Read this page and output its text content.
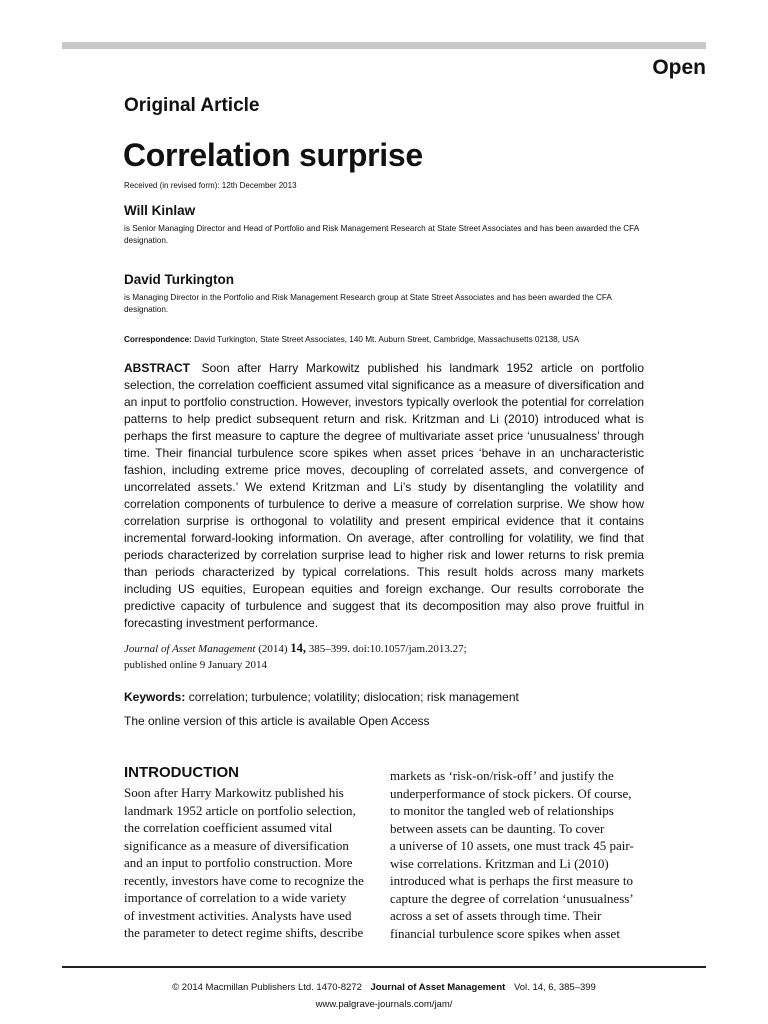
Open
Original Article
Correlation surprise
Received (in revised form): 12th December 2013
Will Kinlaw
is Senior Managing Director and Head of Portfolio and Risk Management Research at State Street Associates and has been awarded the CFA designation.
David Turkington
is Managing Director in the Portfolio and Risk Management Research group at State Street Associates and has been awarded the CFA designation.
Correspondence: David Turkington, State Street Associates, 140 Mt. Auburn Street, Cambridge, Massachusetts 02138, USA

ABSTRACT Soon after Harry Markowitz published his landmark 1952 article on portfolio selection, the correlation coefficient assumed vital significance as a measure of diversification and an input to portfolio construction. However, investors typically overlook the potential for correlation patterns to help predict subsequent return and risk. Kritzman and Li (2010) introduced what is perhaps the first measure to capture the degree of multivariate asset price ‘unusualness’ through time. Their financial turbulence score spikes when asset prices ‘behave in an uncharacteristic fashion, including extreme price moves, decoupling of correlated assets, and convergence of uncorrelated assets.’ We extend Kritzman and Li’s study by disentangling the volatility and correlation components of turbulence to derive a measure of correlation surprise. We show how correlation surprise is orthogonal to volatility and present empirical evidence that it contains incremental forward-looking information. On average, after controlling for volatility, we find that periods characterized by correlation surprise lead to higher risk and lower returns to risk premia than periods characterized by typical correlations. This result holds across many markets including US equities, European equities and foreign exchange. Our results corroborate the predictive capacity of turbulence and suggest that its decomposition may also prove fruitful in forecasting investment performance.

Journal of Asset Management (2014) 14, 385–399. doi:10.1057/jam.2013.27;
published online 9 January 2014
Keywords: correlation; turbulence; volatility; dislocation; risk management
The online version of this article is available Open Access
INTRODUCTION
Soon after Harry Markowitz published his
landmark 1952 article on portfolio selection,
the correlation coefficient assumed vital
significance as a measure of diversification
and an input to portfolio construction. More
recently, investors have come to recognize the
importance of correlation to a wide variety
of investment activities. Analysts have used
the parameter to detect regime shifts, describe
markets as ‘risk-on/risk-off’ and justify the
underperformance of stock pickers. Of course,
to monitor the tangled web of relationships
between assets can be daunting. To cover
a universe of 10 assets, one must track 45 pair-
wise correlations. Kritzman and Li (2010)
introduced what is perhaps the first measure to
capture the degree of correlation ‘unusualness’
across a set of assets through time. Their
financial turbulence score spikes when asset
© 2014 Macmillan Publishers Ltd. 1470-8272 Journal of Asset Management Vol. 14, 6, 385–399
www.palgrave-journals.com/jam/
